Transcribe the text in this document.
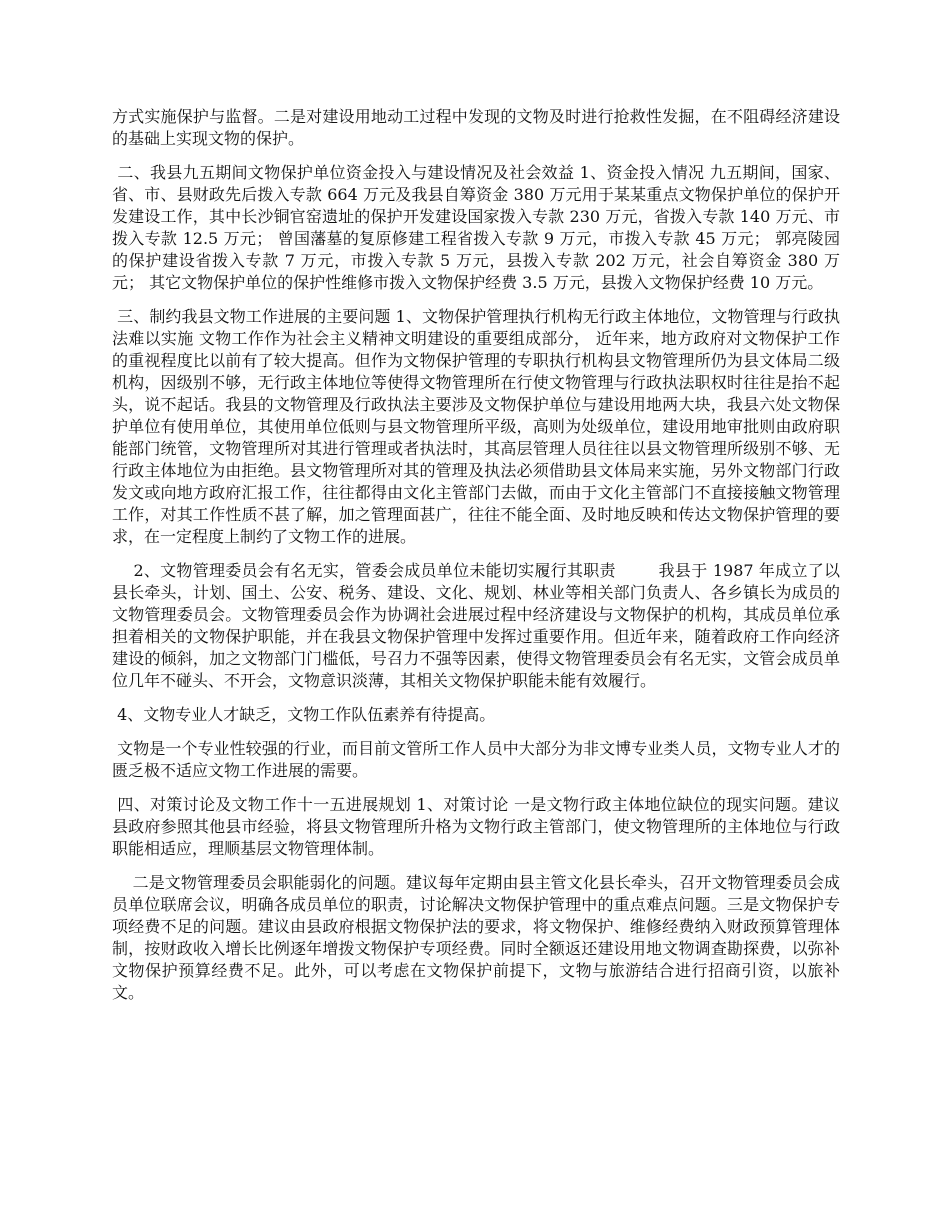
方式实施保护与监督。二是对建设用地动工过程中发现的文物及时进行抢救性发掘，在不阻碍经济建设的基础上实现文物的保护。

二、我县九五期间文物保护单位资金投入与建设情况及社会效益 1、资金投入情况 九五期间，国家、省、市、县财政先后拨入专款 664 万元及我县自筹资金 380 万元用于某某重点文物保护单位的保护开发建设工作，其中长沙铜官窑遗址的保护开发建设国家拨入专款 230 万元，省拨入专款 140 万元、市拨入专款 12.5 万元； 曾国藩墓的复原修建工程省拨入专款 9 万元，市拨入专款 45 万元； 郭亮陵园的保护建设省拨入专款 7 万元，市拨入专款 5 万元，县拨入专款 202 万元，社会自筹资金 380 万元； 其它文物保护单位的保护性维修市拨入文物保护经费 3.5 万元，县拨入文物保护经费 10 万元。

三、制约我县文物工作进展的主要问题 1、文物保护管理执行机构无行政主体地位，文物管理与行政执法难以实施 文物工作作为社会主义精神文明建设的重要组成部分， 近年来，地方政府对文物保护工作的重视程度比以前有了较大提高。但作为文物保护管理的专职执行机构县文物管理所仍为县文体局二级机构，因级别不够，无行政主体地位等使得文物管理所在行使文物管理与行政执法职权时往往是抬不起头，说不起话。我县的文物管理及行政执法主要涉及文物保护单位与建设用地两大块，我县六处文物保护单位有使用单位，其使用单位低则与县文物管理所平级，高则为处级单位，建设用地审批则由政府职能部门统管，文物管理所对其进行管理或者执法时，其高层管理人员往往以县文物管理所级别不够、无行政主体地位为由拒绝。县文物管理所对其的管理及执法必须借助县文体局来实施，另外文物部门行政发文或向地方政府汇报工作，往往都得由文化主管部门去做，而由于文化主管部门不直接接触文物管理工作，对其工作性质不甚了解，加之管理面甚广，往往不能全面、及时地反映和传达文物保护管理的要求，在一定程度上制约了文物工作的进展。

2、文物管理委员会有名无实，管委会成员单位未能切实履行其职责        我县于 1987 年成立了以县长牵头，计划、国土、公安、税务、建设、文化、规划、林业等相关部门负责人、各乡镇长为成员的文物管理委员会。文物管理委员会作为协调社会进展过程中经济建设与文物保护的机构，其成员单位承担着相关的文物保护职能，并在我县文物保护管理中发挥过重要作用。但近年来，随着政府工作向经济建设的倾斜，加之文物部门门槛低，号召力不强等因素，使得文物管理委员会有名无实，文管会成员单位几年不碰头、不开会，文物意识淡薄，其相关文物保护职能未能有效履行。

4、文物专业人才缺乏，文物工作队伍素养有待提高。

文物是一个专业性较强的行业，而目前文管所工作人员中大部分为非文博专业类人员，文物专业人才的匮乏极不适应文物工作进展的需要。

四、对策讨论及文物工作十一五进展规划 1、对策讨论 一是文物行政主体地位缺位的现实问题。建议县政府参照其他县市经验，将县文物管理所升格为文物行政主管部门，使文物管理所的主体地位与行政职能相适应，理顺基层文物管理体制。

二是文物管理委员会职能弱化的问题。建议每年定期由县主管文化县长牵头，召开文物管理委员会成员单位联席会议，明确各成员单位的职责，讨论解决文物保护管理中的重点难点问题。三是文物保护专项经费不足的问题。建议由县政府根据文物保护法的要求，将文物保护、维修经费纳入财政预算管理体制，按财政收入增长比例逐年增拨文物保护专项经费。同时全额返还建设用地文物调查勘探费，以弥补文物保护预算经费不足。此外，可以考虑在文物保护前提下，文物与旅游结合进行招商引资，以旅补文。
